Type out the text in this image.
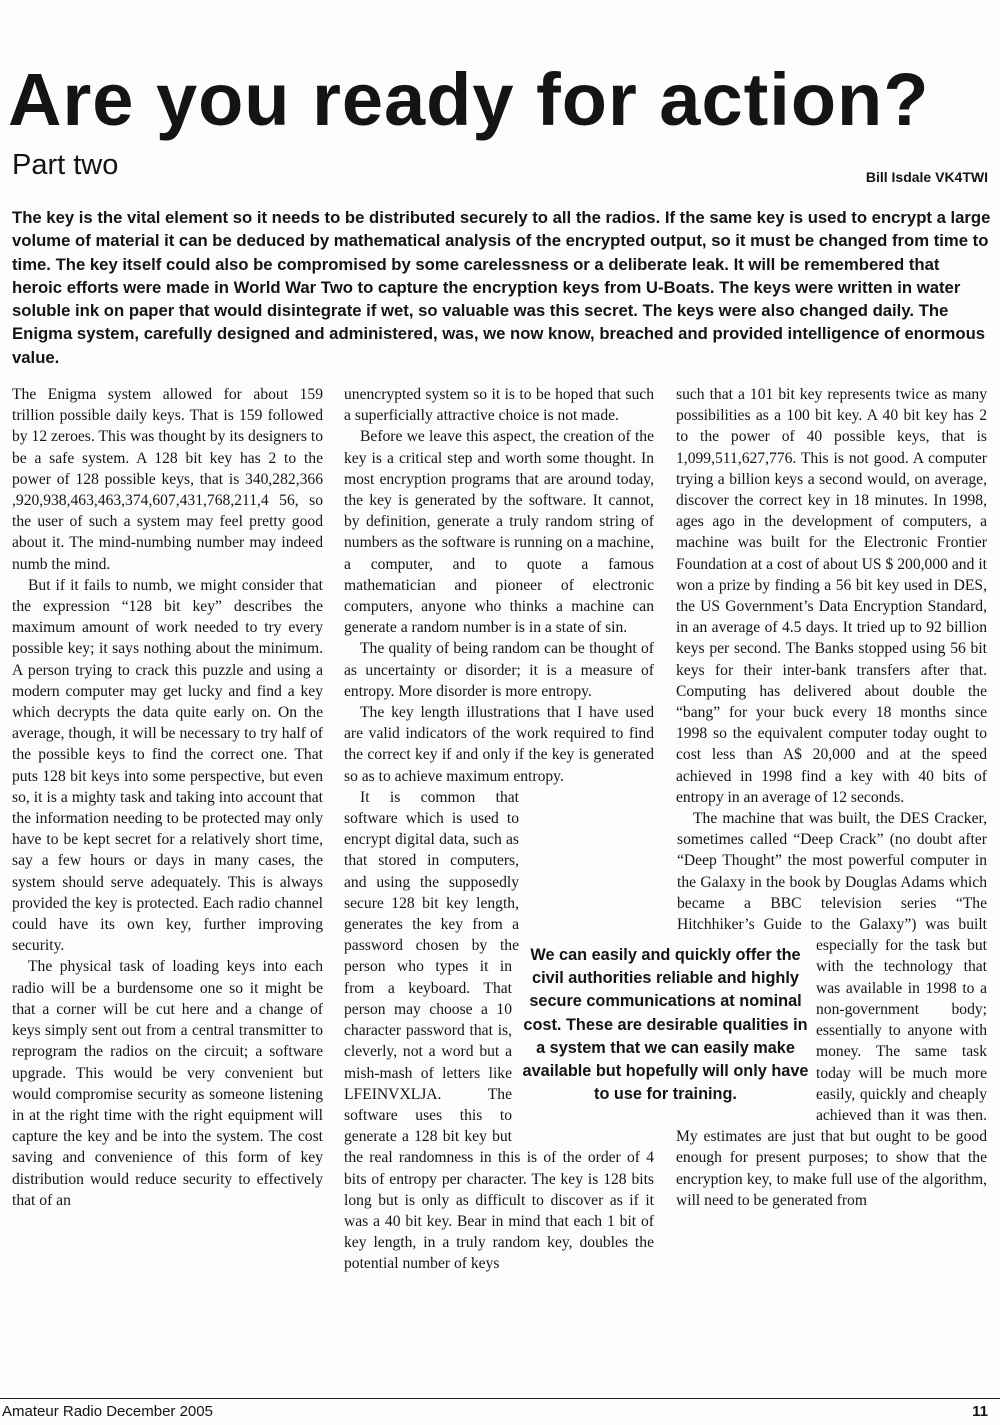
Are you ready for action?
Part two	Bill Isdale VK4TWI

The key is the vital element so it needs to be distributed securely to all the radios. If the same key is used to encrypt a large volume of material it can be deduced by mathematical analysis of the encrypted output, so it must be changed from time to time. The key itself could also be compromised by some carelessness or a deliberate leak. It will be remembered that heroic efforts were made in World War Two to capture the encryption keys from U-Boats. The keys were written in water soluble ink on paper that would disintegrate if wet, so valuable was this secret. The keys were also changed daily. The Enigma system, carefully designed and administered, was, we now know, breached and provided intelligence of enormous value.

The Enigma system allowed for about 159 trillion possible daily keys. That is 159 followed by 12 zeroes. This was thought by its designers to be a safe system. A 128 bit key has 2 to the power of 128 possible keys, that is 340,282,366 ,920,938,463,463,374,607,431,768,211,4 56, so the user of such a system may feel pretty good about it. The mind-numbing number may indeed numb the mind.

But if it fails to numb, we might consider that the expression “128 bit key” describes the maximum amount of work needed to try every possible key; it says nothing about the minimum. A person trying to crack this puzzle and using a modern computer may get lucky and find a key which decrypts the data quite early on. On the average, though, it will be necessary to try half of the possible keys to find the correct one. That puts 128 bit keys into some perspective, but even so, it is a mighty task and taking into account that the information needing to be protected may only have to be kept secret for a relatively short time, say a few hours or days in many cases, the system should serve adequately. This is always provided the key is protected. Each radio channel could have its own key, further improving security.

The physical task of loading keys into each radio will be a burdensome one so it might be that a corner will be cut here and a change of keys simply sent out from a central transmitter to reprogram the radios on the circuit; a software upgrade. This would be very convenient but would compromise security as someone listening in at the right time with the right equipment will capture the key and be into the system. The cost saving and convenience of this form of key distribution would reduce security to effectively that of an

unencrypted system so it is to be hoped that such a superficially attractive choice is not made.

Before we leave this aspect, the creation of the key is a critical step and worth some thought. In most encryption programs that are around today, the key is generated by the software. It cannot, by definition, generate a truly random string of numbers as the software is running on a machine, a computer, and to quote a famous mathematician and pioneer of electronic computers, anyone who thinks a machine can generate a random number is in a state of sin.

The quality of being random can be thought of as uncertainty or disorder; it is a measure of entropy. More disorder is more entropy.

The key length illustrations that I have used are valid indicators of the work required to find the correct key if and only if the key is generated so as to achieve maximum entropy.

It is common that software which is used to encrypt digital data, such as that stored in computers, and using the supposedly secure 128 bit key length, generates the key from a password chosen by the person who types it in from a keyboard. That person may choose a 10 character password that is, cleverly, not a word but a mish-mash of letters like LFEINVXLJA. The software uses this to generate a 128 bit key but the real randomness in this is of the order of 4 bits of entropy per character. The key is 128 bits long but is only as difficult to discover as if it was a 40 bit key. Bear in mind that each 1 bit of key length, in a truly random key, doubles the potential number of keys

such that a 101 bit key represents twice as many possibilities as a 100 bit key. A 40 bit key has 2 to the power of 40 possible keys, that is 1,099,511,627,776. This is not good. A computer trying a billion keys a second would, on average, discover the correct key in 18 minutes. In 1998, ages ago in the development of computers, a machine was built for the Electronic Frontier Foundation at a cost of about US $ 200,000 and it won a prize by finding a 56 bit key used in DES, the US Government’s Data Encryption Standard, in an average of 4.5 days. It tried up to 92 billion keys per second. The Banks stopped using 56 bit keys for their inter-bank transfers after that. Computing has delivered about double the “bang” for your buck every 18 months since 1998 so the equivalent computer today ought to cost less than A$ 20,000 and at the speed achieved in 1998 find a key with 40 bits of entropy in an average of 12 seconds.

The machine that was built, the DES Cracker, sometimes called “Deep Crack” (no doubt after “Deep Thought” the most powerful computer in the Galaxy in the book by Douglas Adams which became a BBC television series “The Hitchhiker’s Guide to the Galaxy”) was built especially for the task but with the technology that was available in 1998 to a non-government body; essentially to anyone with money. The same task today will be much more easily, quickly and cheaply achieved than it was then. My estimates are just that but ought to be good enough for present purposes; to show that the encryption key, to make full use of the algorithm, will need to be generated from

We can easily and quickly offer the civil authorities reliable and highly secure communications at nominal cost. These are desirable qualities in a system that we can easily make available but hopefully will only have to use for training.
Amateur Radio December 2005	11
